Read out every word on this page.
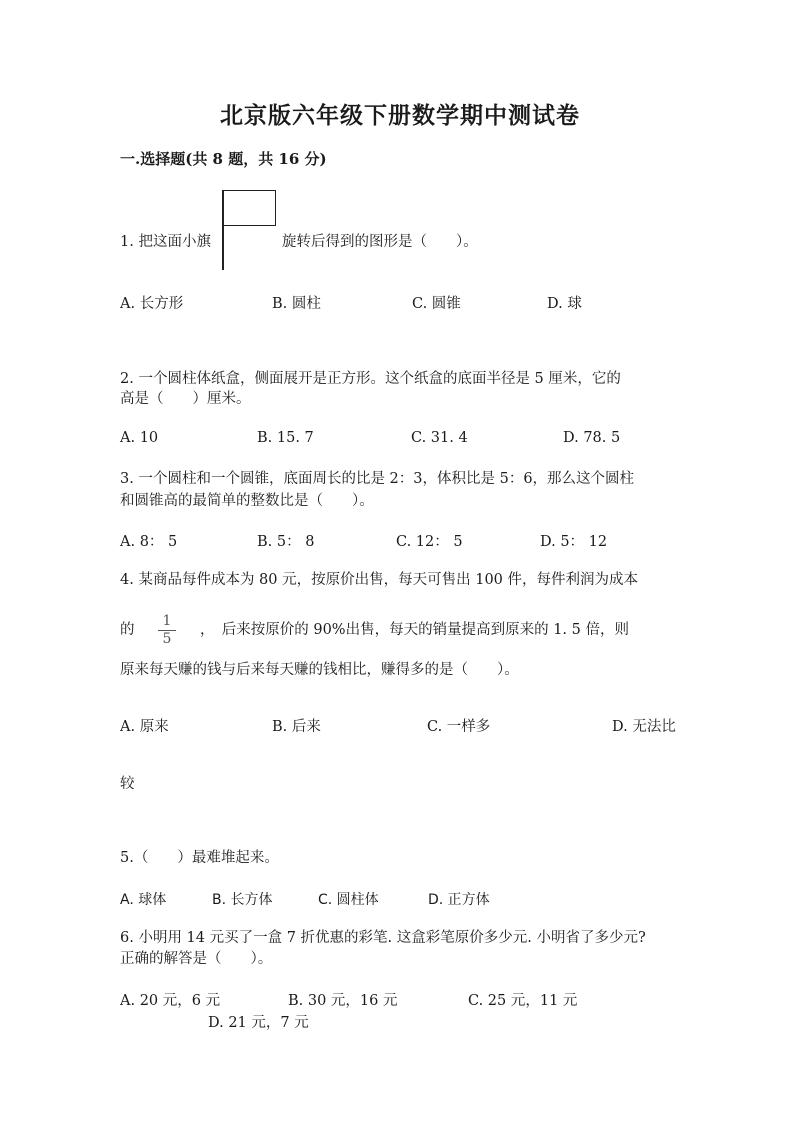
北京版六年级下册数学期中测试卷
一.选择题(共 8 题，共 16 分)
1. 把这面小旗	旋转后得到的图形是（　　）。
A. 长方形	B. 圆柱	C. 圆锥	D. 球
2. 一个圆柱体纸盒，侧面展开是正方形。这个纸盒的底面半径是 5 厘米，它的
高是（　　）厘米。
A. 10	B. 15. 7	C. 31. 4	D. 78. 5
3. 一个圆柱和一个圆锥，底面周长的比是 2：3，体积比是 5：6，那么这个圆柱
和圆锥高的最简单的整数比是（　　）。
A. 8： 5	B. 5： 8	C. 12： 5	D. 5： 12
4. 某商品每件成本为 80 元，按原价出售，每天可售出 100 件，每件利润为成本
的
1
5
，　后来按原价的 90%出售，每天的销量提高到原来的 1. 5 倍，则
原来每天赚的钱与后来每天赚的钱相比，赚得多的是（　　）。
A. 原来	B. 后来	C. 一样多	D. 无法比
较
5.（　　）最难堆起来。
A. 球体	B. 长方体	C. 圆柱体	D. 正方体
6. 小明用 14 元买了一盒 7 折优惠的彩笔. 这盒彩笔原价多少元. 小明省了多少元?
正确的解答是（　　）。
A. 20 元，6 元	B. 30 元，16 元	C. 25 元，11 元
D. 21 元，7 元
